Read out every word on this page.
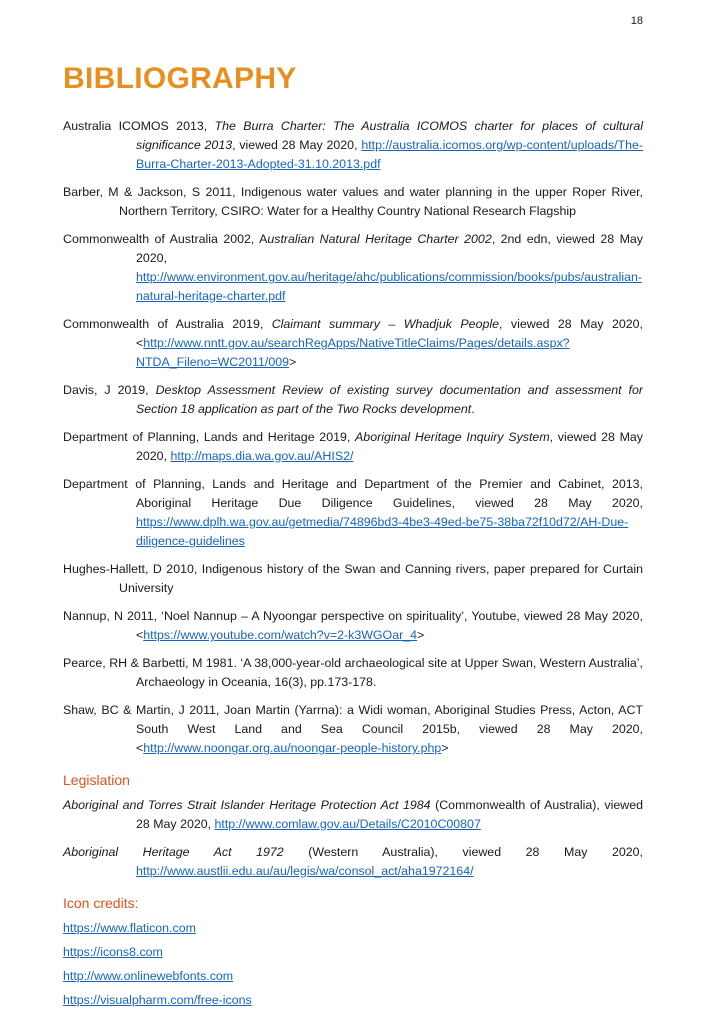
18
BIBLIOGRAPHY
Australia ICOMOS 2013, The Burra Charter: The Australia ICOMOS charter for places of cultural significance 2013, viewed 28 May 2020, http://australia.icomos.org/wp-content/uploads/The-Burra-Charter-2013-Adopted-31.10.2013.pdf
Barber, M & Jackson, S 2011, Indigenous water values and water planning in the upper Roper River, Northern Territory, CSIRO: Water for a Healthy Country National Research Flagship
Commonwealth of Australia 2002, Australian Natural Heritage Charter 2002, 2nd edn, viewed 28 May 2020, http://www.environment.gov.au/heritage/ahc/publications/commission/books/pubs/australian-natural-heritage-charter.pdf
Commonwealth of Australia 2019, Claimant summary – Whadjuk People, viewed 28 May 2020, <http://www.nntt.gov.au/searchRegApps/NativeTitleClaims/Pages/details.aspx?NTDA_Fileno=WC2011/009>
Davis, J 2019, Desktop Assessment Review of existing survey documentation and assessment for Section 18 application as part of the Two Rocks development.
Department of Planning, Lands and Heritage 2019, Aboriginal Heritage Inquiry System, viewed 28 May 2020, http://maps.dia.wa.gov.au/AHIS2/
Department of Planning, Lands and Heritage and Department of the Premier and Cabinet, 2013, Aboriginal Heritage Due Diligence Guidelines, viewed 28 May 2020, https://www.dplh.wa.gov.au/getmedia/74896bd3-4be3-49ed-be75-38ba72f10d72/AH-Due-diligence-guidelines
Hughes-Hallett, D 2010, Indigenous history of the Swan and Canning rivers, paper prepared for Curtain University
Nannup, N 2011, ‘Noel Nannup – A Nyoongar perspective on spirituality’, Youtube, viewed 28 May 2020, <https://www.youtube.com/watch?v=2-k3WGOar_4>
Pearce, RH & Barbetti, M 1981. ‘A 38,000-year-old archaeological site at Upper Swan, Western Australia’, Archaeology in Oceania, 16(3), pp.173-178.
Shaw, BC & Martin, J 2011, Joan Martin (Yarrna): a Widi woman, Aboriginal Studies Press, Acton, ACT South West Land and Sea Council 2015b, viewed 28 May 2020, <http://www.noongar.org.au/noongar-people-history.php>
Legislation
Aboriginal and Torres Strait Islander Heritage Protection Act 1984 (Commonwealth of Australia), viewed 28 May 2020, http://www.comlaw.gov.au/Details/C2010C00807
Aboriginal Heritage Act 1972 (Western Australia), viewed 28 May 2020, http://www.austlii.edu.au/au/legis/wa/consol_act/aha1972164/
Icon credits:
https://www.flaticon.com
https://icons8.com
http://www.onlinewebfonts.com
https://visualpharm.com/free-icons
